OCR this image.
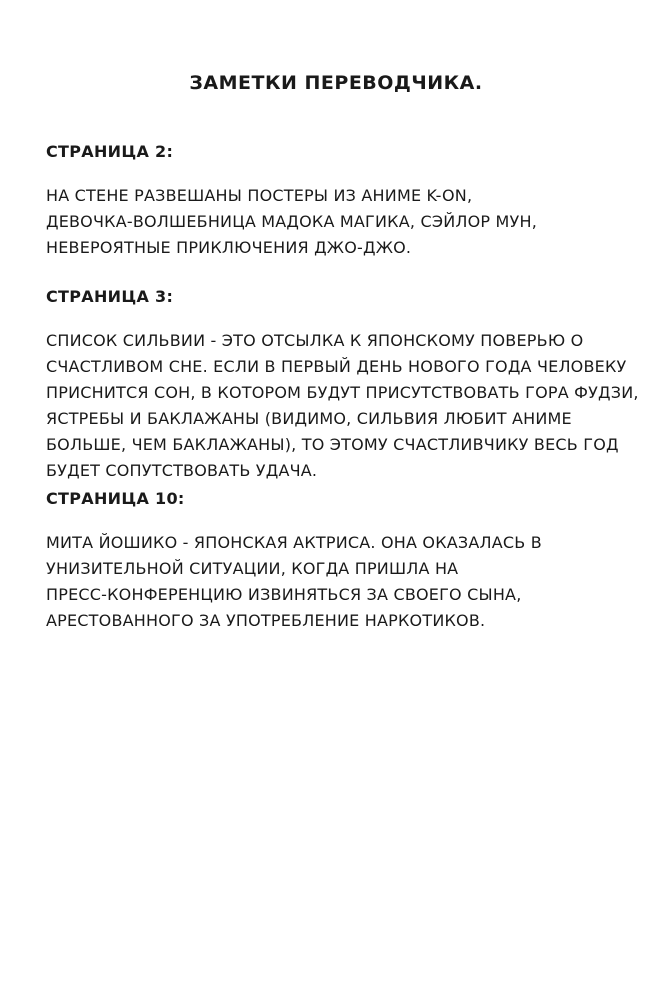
ЗАМЕТКИ ПЕРЕВОДЧИКА.
СТРАНИЦА 2:

НА СТЕНЕ РАЗВЕШАНЫ ПОСТЕРЫ ИЗ АНИМЕ K-ON,
ДЕВОЧКА-ВОЛШЕБНИЦА МАДОКА МАГИКА, СЭЙЛОР МУН,
НЕВЕРОЯТНЫЕ ПРИКЛЮЧЕНИЯ ДЖО-ДЖО.

СТРАНИЦА 3:

СПИСОК СИЛЬВИИ - ЭТО ОТСЫЛКА К ЯПОНСКОМУ ПОВЕРЬЮ О
СЧАСТЛИВОМ СНЕ. ЕСЛИ В ПЕРВЫЙ ДЕНЬ НОВОГО ГОДА ЧЕЛОВЕКУ
ПРИСНИТСЯ СОН, В КОТОРОМ БУДУТ ПРИСУТСТВОВАТЬ ГОРА ФУДЗИ,
ЯСТРЕБЫ И БАКЛАЖАНЫ (ВИДИМО, СИЛЬВИЯ ЛЮБИТ АНИМЕ
БОЛЬШЕ, ЧЕМ БАКЛАЖАНЫ), ТО ЭТОМУ СЧАСТЛИВЧИКУ ВЕСЬ ГОД
БУДЕТ СОПУТСТВОВАТЬ УДАЧА.

СТРАНИЦА 10:

МИТА ЙОШИКО - ЯПОНСКАЯ АКТРИСА. ОНА ОКАЗАЛАСЬ В
УНИЗИТЕЛЬНОЙ СИТУАЦИИ, КОГДА ПРИШЛА НА
ПРЕСС-КОНФЕРЕНЦИЮ ИЗВИНЯТЬСЯ ЗА СВОЕГО СЫНА,
АРЕСТОВАННОГО ЗА УПОТРЕБЛЕНИЕ НАРКОТИКОВ.
